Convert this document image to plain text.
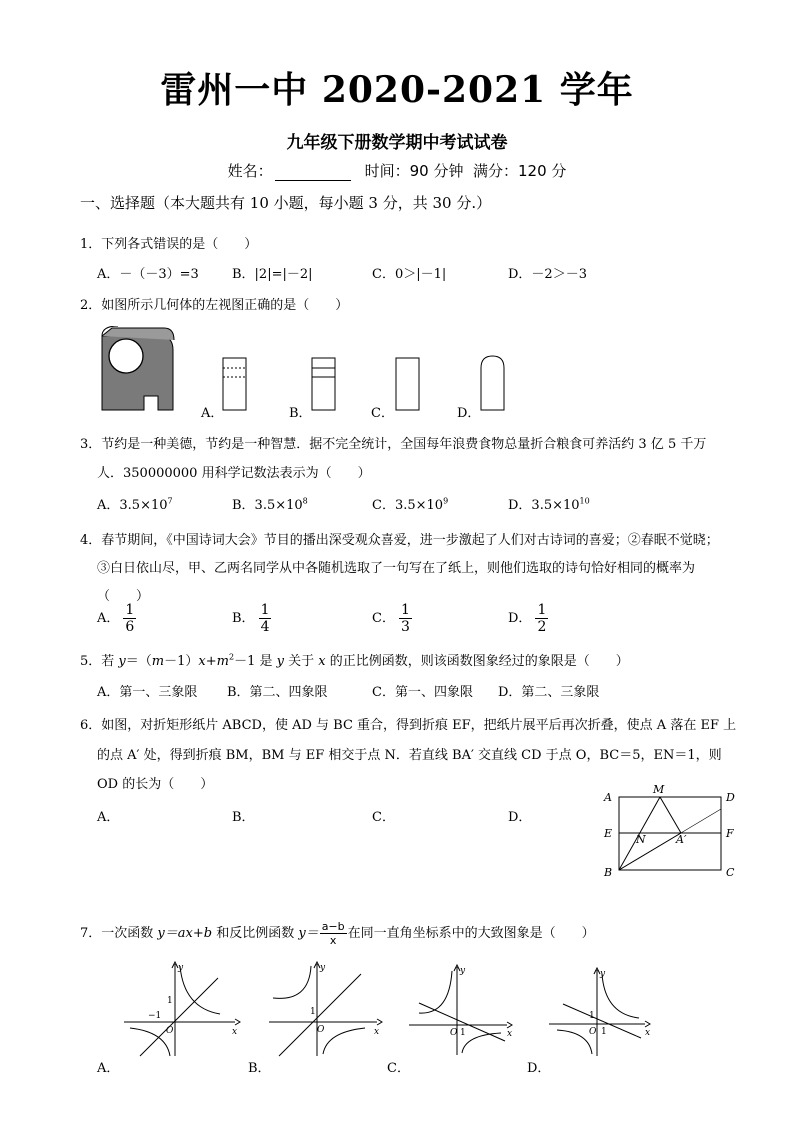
雷州一中 2020-2021 学年
九年级下册数学期中考试试卷
姓名：	时间：90 分钟 满分：120 分
一、选择题（本大题共有 10 小题，每小题 3 分，共 30 分.）
1．下列各式错误的是（　　）
A．－（－3）=3	B．|2|=|－2|	C．0＞|－1|	D．－2＞－3
2．如图所示几何体的左视图正确的是（　　）
A．	B．	C．	D．
3．节约是一种美德，节约是一种智慧．据不完全统计，全国每年浪费食物总量折合粮食可养活约 3 亿 5 千万
人．350000000 用科学记数法表示为（　　）
A．$3.5\times 10^7$	B．$3.5\times 10^8$	C．$3.5\times 10^9$	D．$3.5\times 10^{10}$
4．春节期间，《中国诗词大会》节目的播出深受观众喜爱，进一步激起了人们对古诗词的喜爱；②春眠不觉晓；
③白日依山尽，甲、乙两名同学从中各随机选取了一句写在了纸上，则他们选取的诗句恰好相同的概率为
（　　）
A． $\frac{1}{6}$	B． $\frac{1}{4}$	C． $\frac{1}{3}$	D． $\frac{1}{2}$
5．若 $y=(m-1)x+m^2-1$ 是 y 关于 x 的正比例函数，则该函数图象经过的象限是（　　）
A．第一、三象限 B．第二、四象限	C．第一、四象限 D．第二、三象限
6．如图，对折矩形纸片 ABCD，使 AD 与 BC 重合，得到折痕 EF，把纸片展平后再次折叠，使点 A 落在 EF 上
的点 A′ 处，得到折痕 BM，BM 与 EF 相交于点 N．若直线 BA′ 交直线 CD 于点 O，BC＝5，EN＝1，则
OD 的长为（　　）
A．	B．	C．	D．
A
M
D
E	F
N	A′
B	C
7．一次函数 y＝ax+b 和反比例函数 $y= \frac{a-b}{x}$ 在同一直角坐标系中的大致图象是（　　）
A．	B．	C．	D．
y
x
O
1
−1
y
x
O
1
y
x
O 1
y
x
O 1
1
